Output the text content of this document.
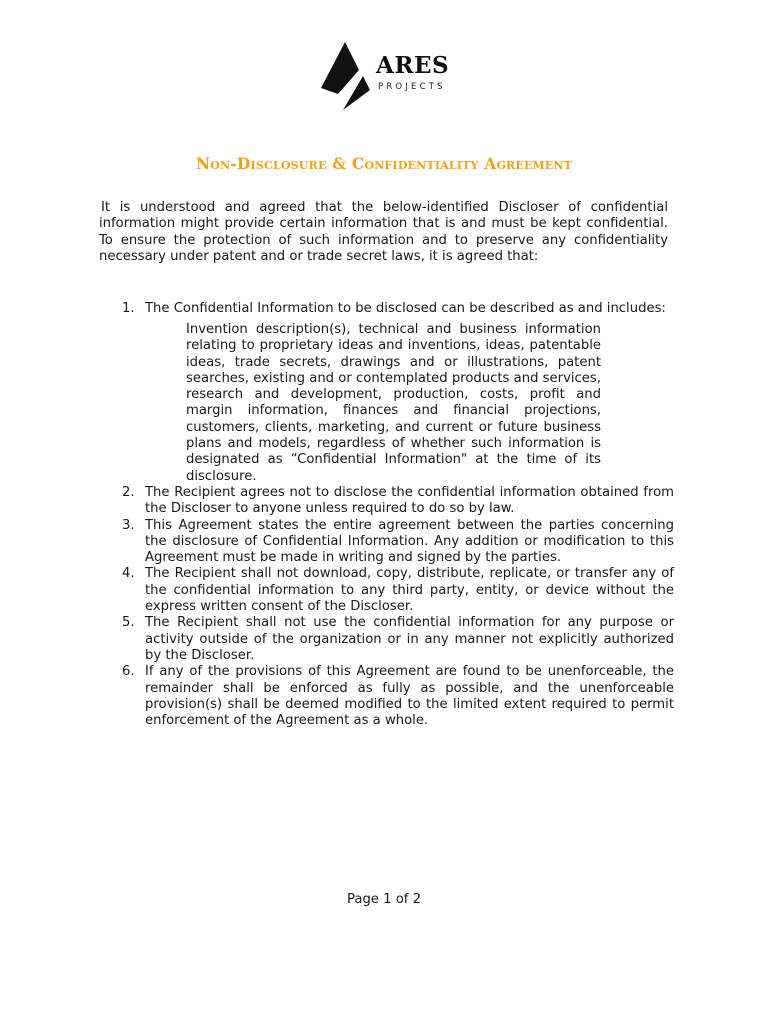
ARES
PROJECTS
Non-Disclosure & Confidentiality Agreement
It is understood and agreed that the below-identified Discloser of confidential information might provide certain information that is and must be kept confidential. To ensure the protection of such information and to preserve any confidentiality necessary under patent and or trade secret laws, it is agreed that:
1. The Confidential Information to be disclosed can be described as and includes:
Invention description(s), technical and business information relating to proprietary ideas and inventions, ideas, patentable ideas, trade secrets, drawings and or illustrations, patent searches, existing and or contemplated products and services, research and development, production, costs, profit and margin information, finances and financial projections, customers, clients, marketing, and current or future business plans and models, regardless of whether such information is designated as “Confidential Information" at the time of its disclosure.
2. The Recipient agrees not to disclose the confidential information obtained from the Discloser to anyone unless required to do so by law.
3. This Agreement states the entire agreement between the parties concerning the disclosure of Confidential Information. Any addition or modification to this Agreement must be made in writing and signed by the parties.
4. The Recipient shall not download, copy, distribute, replicate, or transfer any of the confidential information to any third party, entity, or device without the express written consent of the Discloser.
5. The Recipient shall not use the confidential information for any purpose or activity outside of the organization or in any manner not explicitly authorized by the Discloser.
6. If any of the provisions of this Agreement are found to be unenforceable, the remainder shall be enforced as fully as possible, and the unenforceable provision(s) shall be deemed modified to the limited extent required to permit enforcement of the Agreement as a whole.
Page 1 of 2
